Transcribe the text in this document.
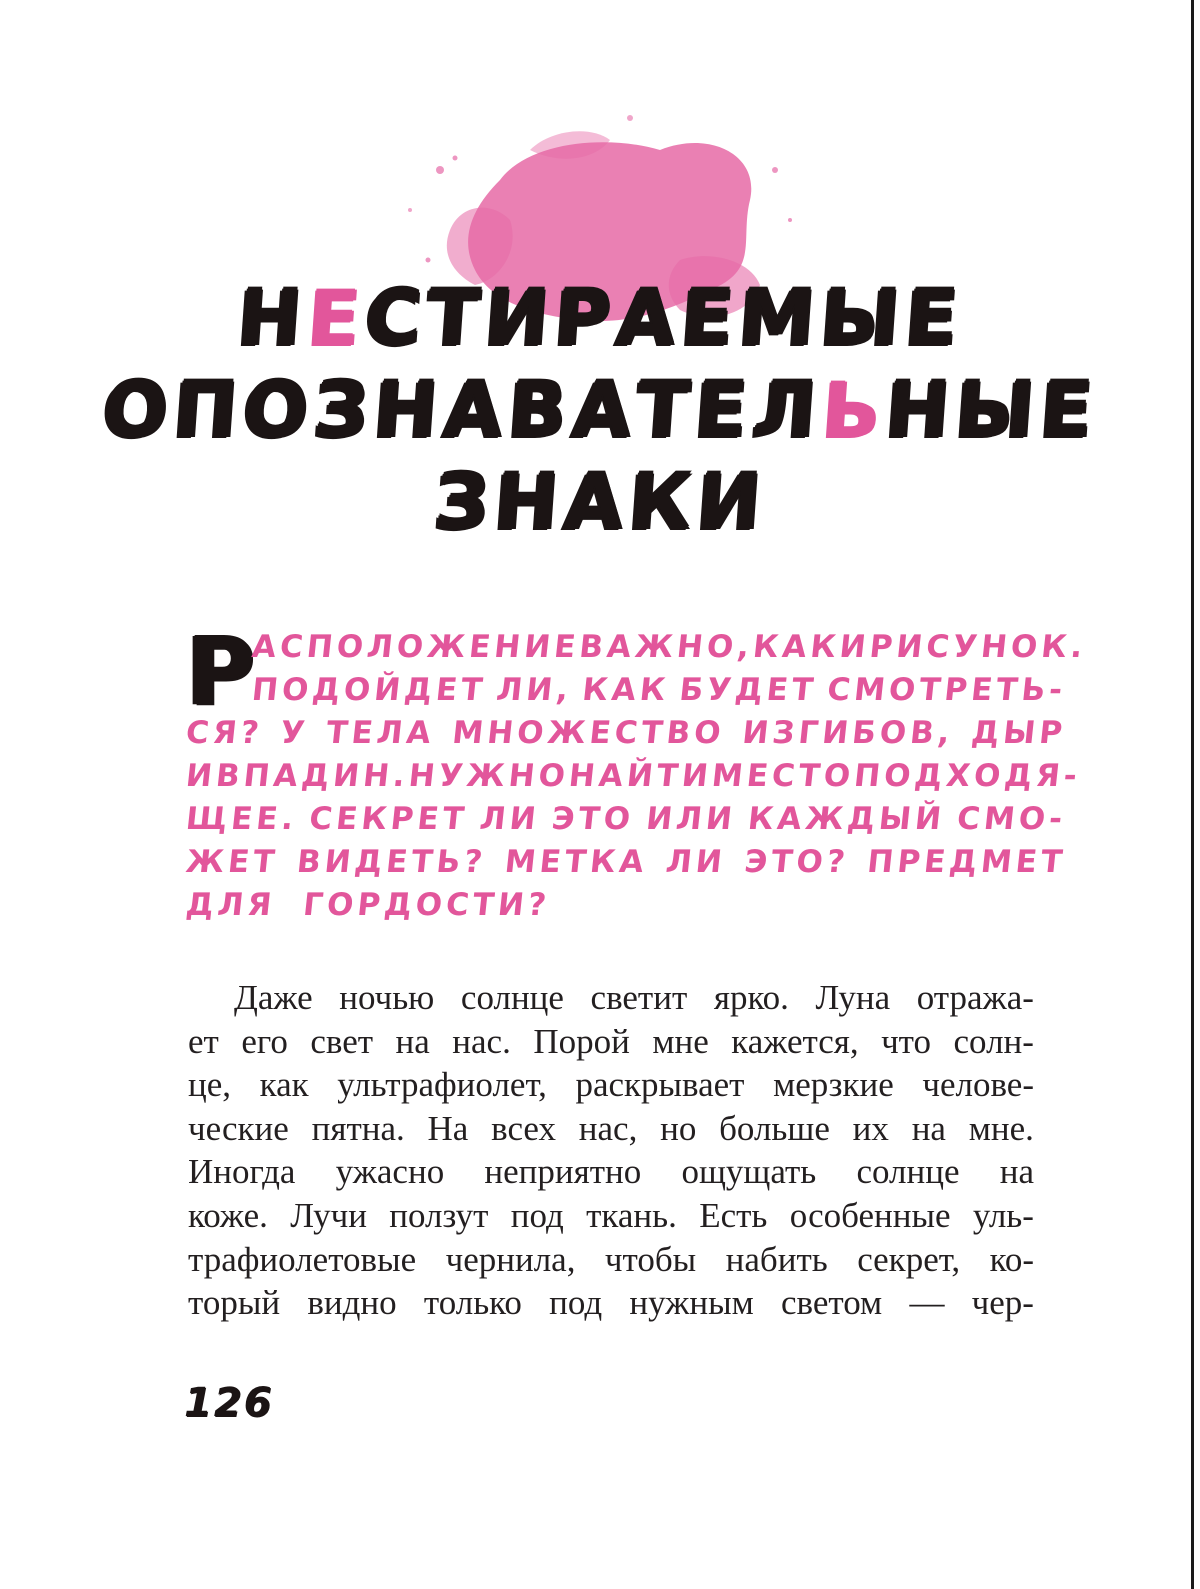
НЕСТИРАЕМЫЕ
ОПОЗНАВАТЕЛЬНЫЕ
ЗНАКИ
Р
АСПОЛОЖЕНИЕ
ВАЖНО,
КАК
И
РИСУНОК.
ПОДОЙДЕТ ЛИ, КАК БУДЕТ СМОТРЕТЬ-
СЯ? У ТЕЛА МНОЖЕСТВО ИЗГИБОВ, ДЫР
И
ВПАДИН.
НУЖНО
НАЙТИ
МЕСТО
ПОДХОДЯ-
ЩЕЕ. СЕКРЕТ ЛИ ЭТО ИЛИ КАЖДЫЙ СМО-
ЖЕТ ВИДЕТЬ? МЕТКА ЛИ ЭТО? ПРЕДМЕТ
ДЛЯ ГОРДОСТИ?
Даже ночью солнце светит ярко. Луна отража-
ет его свет на нас. Порой мне кажется, что солн-
це, как ультрафиолет, раскрывает мерзкие челове-
ческие пятна. На всех нас, но больше их на мне.
Иногда ужасно неприятно ощущать солнце на
коже. Лучи ползут под ткань. Есть особенные уль-
трафиолетовые чернила, чтобы набить секрет, ко-
торый видно только под нужным светом — чер-
126
